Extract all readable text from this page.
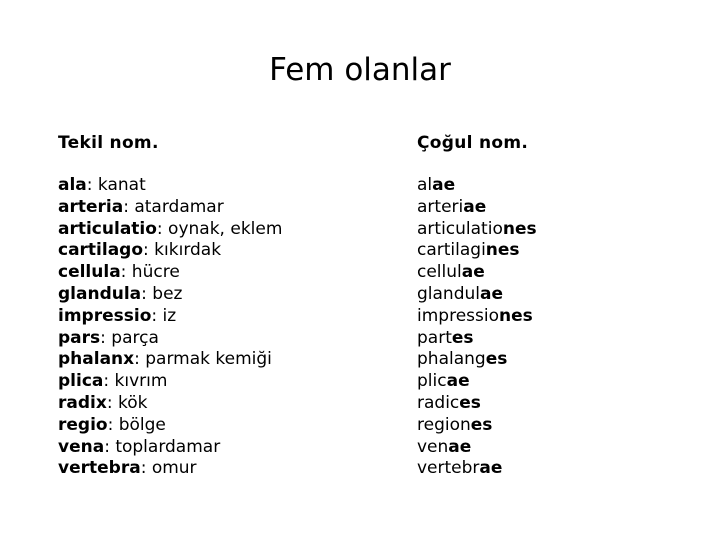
Fem olanlar
Tekil nom.
ala: kanat
arteria: atardamar
articulatio: oynak, eklem
cartilago: kıkırdak
cellula: hücre
glandula: bez
impressio: iz
pars: parça
phalanx: parmak kemiği
plica: kıvrım
radix: kök
regio: bölge
vena: toplardamar
vertebra: omur
Çoğul nom.
alae
arteriae
articulationes
cartilagines
cellulae
glandulae
impressiones
partes
phalanges
plicae
radices
regiones
venae
vertebrae
